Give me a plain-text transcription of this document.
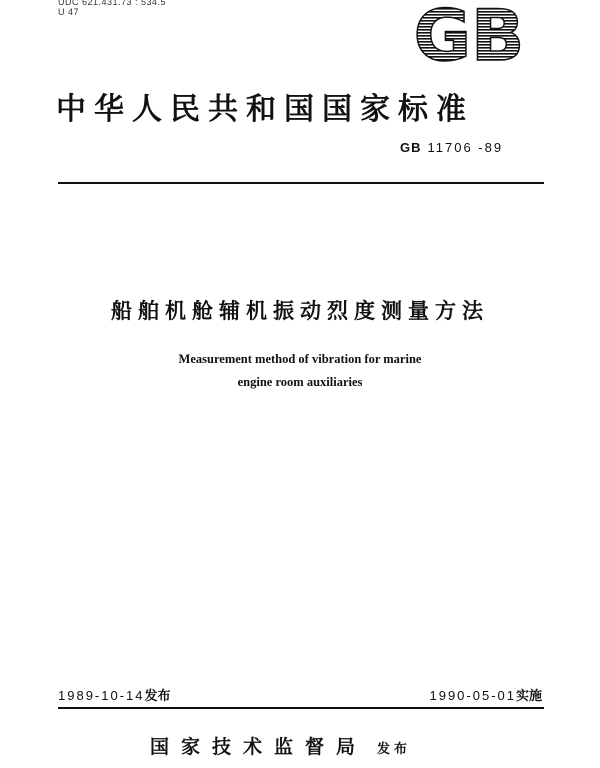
UDC 621.431.73 : 534.5
U 47	GB
中华人民共和国国家标准
GB 11706 -89
船舶机舱辅机振动烈度测量方法
Measurement method of vibration for marine
engine room auxiliaries
1989-10-14发布	1990-05-01实施
国家技术监督局 发布
